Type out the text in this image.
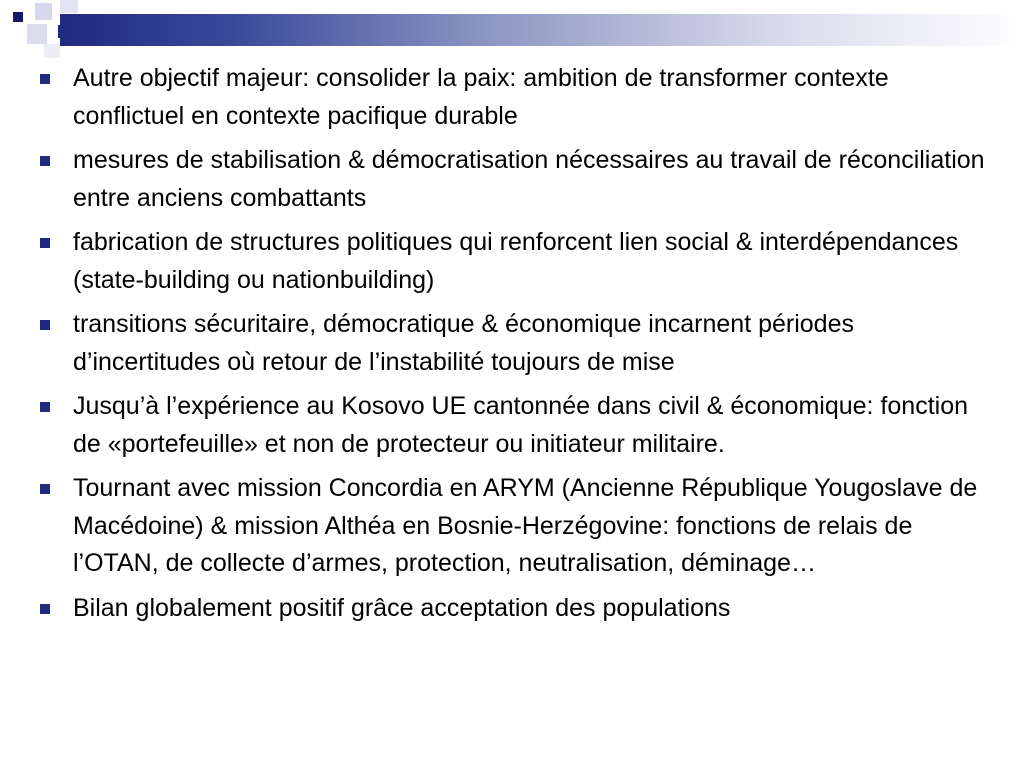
Autre objectif majeur: consolider la paix: ambition de transformer contexte conflictuel en contexte pacifique durable
mesures de stabilisation & démocratisation nécessaires au travail de réconciliation entre anciens combattants
fabrication de structures politiques qui renforcent lien social & interdépendances (state-building ou nationbuilding)
transitions sécuritaire, démocratique & économique incarnent périodes d’incertitudes où retour de l’instabilité toujours de mise
Jusqu’à l’expérience au Kosovo UE cantonnée dans civil & économique: fonction de «portefeuille» et non de protecteur ou initiateur militaire.
Tournant avec mission Concordia en ARYM (Ancienne République Yougoslave de Macédoine) & mission Althéa en Bosnie-Herzégovine: fonctions de relais de l’OTAN, de collecte d’armes, protection, neutralisation, déminage…
Bilan globalement positif grâce acceptation des populations
